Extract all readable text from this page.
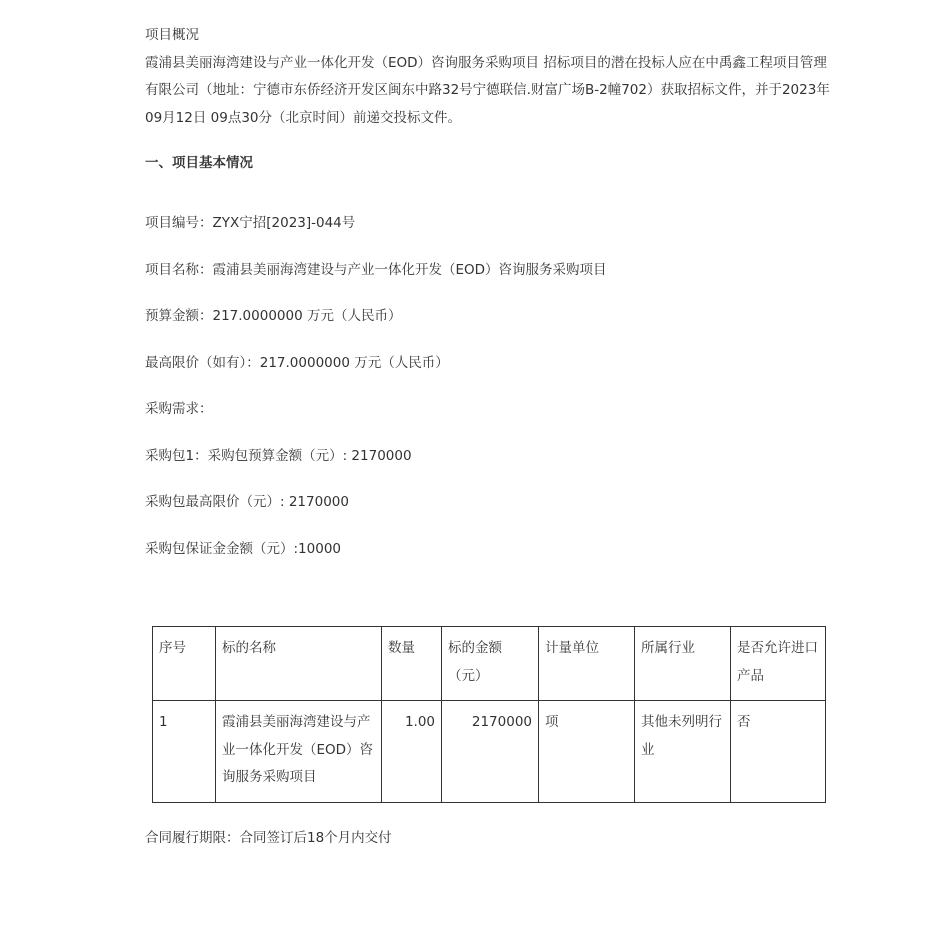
项目概况

霞浦县美丽海湾建设与产业一体化开发（EOD）咨询服务采购项目 招标项目的潜在投标人应在中禹鑫工程项目管理有限公司（地址：宁德市东侨经济开发区闽东中路32号宁德联信.财富广场B-2幢702）获取招标文件，并于2023年09月12日 09点30分（北京时间）前递交投标文件。

一、项目基本情况

项目编号：ZYX宁招[2023]-044号

项目名称：霞浦县美丽海湾建设与产业一体化开发（EOD）咨询服务采购项目

预算金额：217.0000000 万元（人民币）

最高限价（如有）：217.0000000 万元（人民币）

采购需求：

采购包1：采购包预算金额（元）: 2170000

采购包最高限价（元）: 2170000

采购包保证金金额（元）:10000

序号	标的名称	数量	标的金额（元）	计量单位	所属行业	是否允许进口产品
1	霞浦县美丽海湾建设与产业一体化开发（EOD）咨询服务采购项目	1.00	2170000	项	其他未列明行业	否

合同履行期限：合同签订后18个月内交付
